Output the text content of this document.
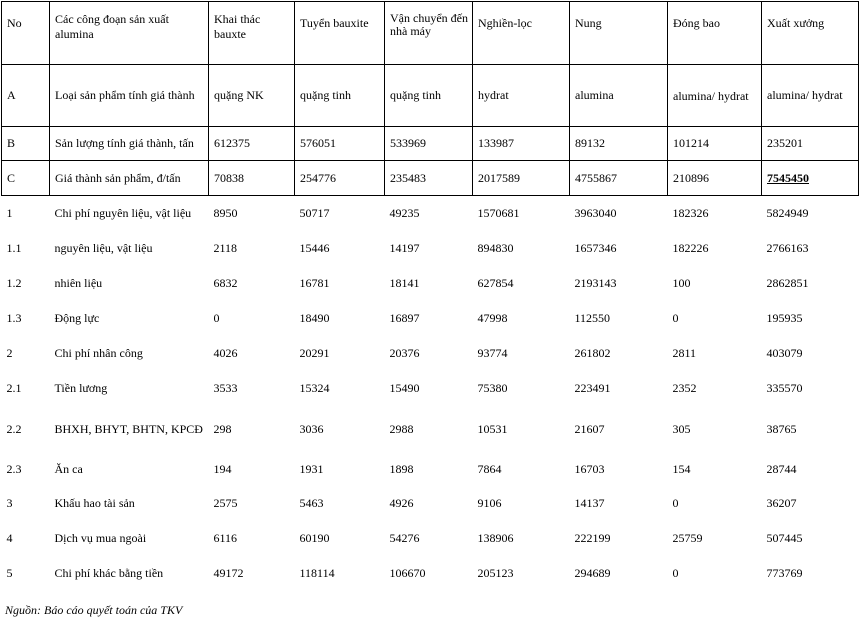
No	Các công đoạn sản xuất alumina	Khai thác bauxte	Tuyển bauxite	Vận chuyển đến nhà máy	Nghiền-lọc	Nung	Đóng bao	Xuất xưởng
A	Loại sản phẩm tính giá thành	quặng NK	quặng tinh	quặng tinh	hydrat	alumina	alumina/ hydrat	alumina/ hydrat
B	Sản lượng tính giá thành, tấn	612375	576051	533969	133987	89132	101214	235201
C	Giá thành sản phẩm, đ/tấn	70838	254776	235483	2017589	4755867	210896	7545450
1	Chi phí nguyên liệu, vật liệu	8950	50717	49235	1570681	3963040	182326	5824949
1.1	nguyên liệu, vật liệu	2118	15446	14197	894830	1657346	182226	2766163
1.2	nhiên liệu	6832	16781	18141	627854	2193143	100	2862851
1.3	Động lực	0	18490	16897	47998	112550	0	195935
2	Chi phí nhân công	4026	20291	20376	93774	261802	2811	403079
2.1	Tiền lương	3533	15324	15490	75380	223491	2352	335570
2.2	BHXH, BHYT, BHTN, KPCĐ	298	3036	2988	10531	21607	305	38765
2.3	Ăn ca	194	1931	1898	7864	16703	154	28744
3	Khấu hao tài sản	2575	5463	4926	9106	14137	0	36207
4	Dịch vụ mua ngoài	6116	60190	54276	138906	222199	25759	507445
5	Chi phí khác bằng tiền	49172	118114	106670	205123	294689	0	773769
Nguồn: Báo cáo quyết toán của TKV
